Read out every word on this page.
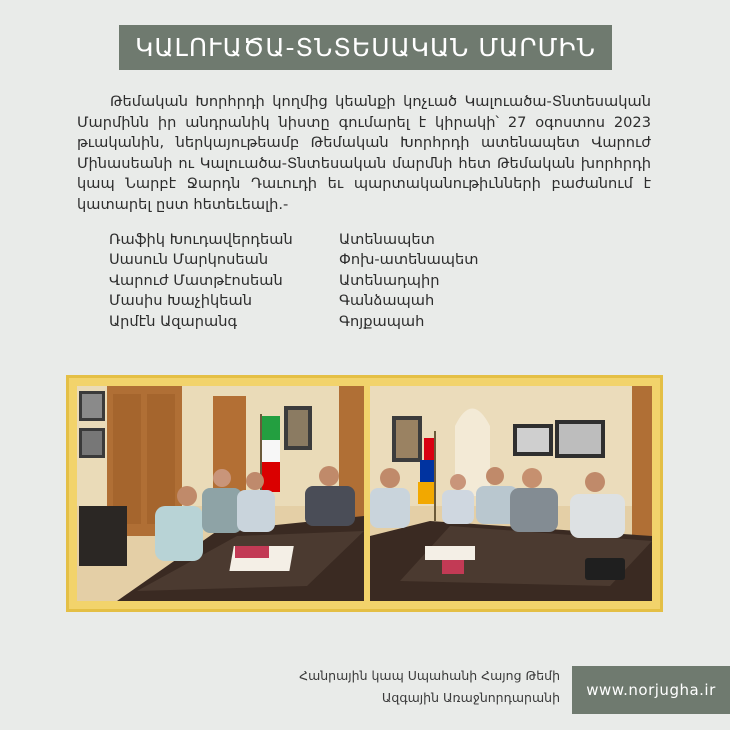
ԿԱԼՈՒԱԾԱ-ՏՆՏԵՍԱԿԱՆ ՄԱՐՄԻՆ
Թեմական Խորհրդի կողմից կեանքի կոչւած Կալուածա-Տնտեսական Մարմինն իր անդրանիկ նիստը գումարել է կիրակի՝ 27 օգոստոս 2023 թւականին, ներկայութեամբ Թեմական Խորհրդի ատենապետ Վարուժ Մինասեանի ու Կալուածա-Տնտեսական մարմնի հետ Թեմական խորհրդի կապ Նարբէ Ջարդն Դաւուդի եւ պարտականութիւնների բաժանում է կատարել ըստ հետեւեալի.-
Ռաֆիկ Խուդավերդեան	Ատենապետ
Սասուն Մարկոսեան	Փոխ-ատենապետ
Վարուժ Մատթէոսեան	Ատենադպիր
Մասիս Խաչիկեան	Գանձապահ
Արմէն Ազարանգ	Գոյքապահ
Հանրային կապ Սպահանի Հայոց Թեմի
Ազգային Առաջնորդարանի	www.norjugha.ir
